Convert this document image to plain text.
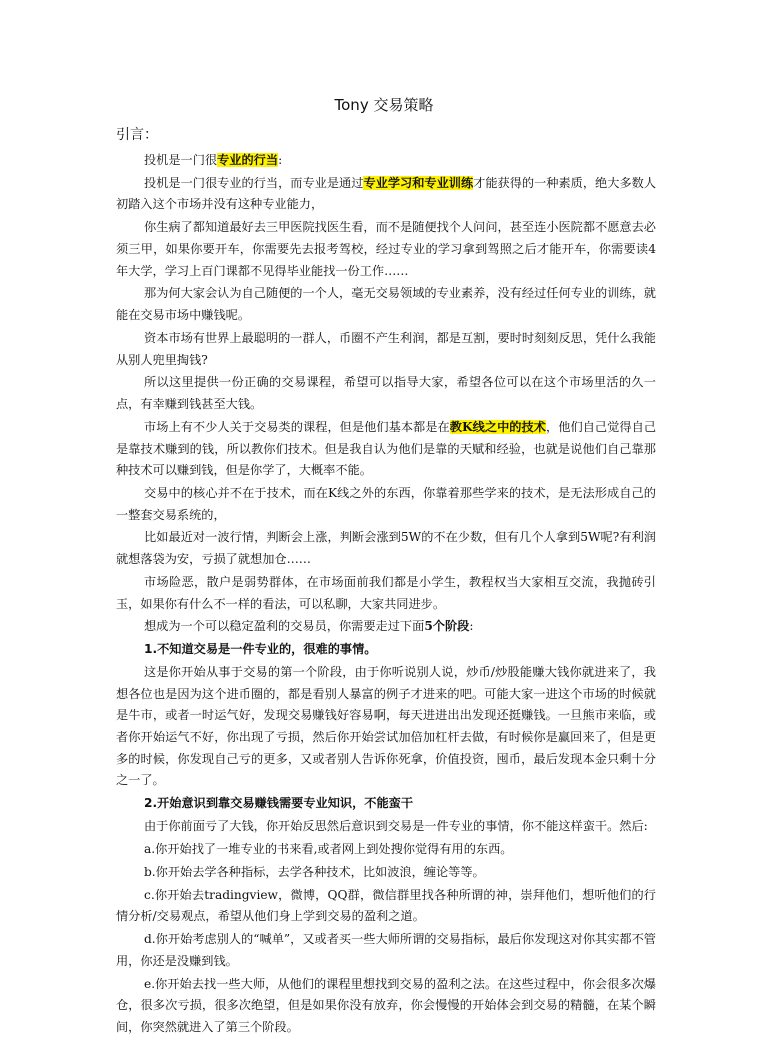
Tony 交易策略
引言：

投机是一门很专业的行当:

投机是一门很专业的行当，而专业是通过专业学习和专业训练才能获得的一种素质，绝大多数人初踏入这个市场并没有这种专业能力，

你生病了都知道最好去三甲医院找医生看，而不是随便找个人问问，甚至连小医院都不愿意去必须三甲，如果你要开车，你需要先去报考驾校，经过专业的学习拿到驾照之后才能开车，你需要读4年大学，学习上百门课都不见得毕业能找一份工作……

那为何大家会认为自己随便的一个人，毫无交易领域的专业素养，没有经过任何专业的训练，就能在交易市场中赚钱呢。

资本市场有世界上最聪明的一群人，币圈不产生利润，都是互割，要时时刻刻反思，凭什么我能从别人兜里掏钱?

所以这里提供一份正确的交易课程，希望可以指导大家，希望各位可以在这个市场里活的久一点，有幸赚到钱甚至大钱。

市场上有不少人关于交易类的课程，但是他们基本都是在教K线之中的技术，他们自己觉得自己是靠技术赚到的钱，所以教你们技术。但是我自认为他们是靠的天赋和经验，也就是说他们自己靠那种技术可以赚到钱，但是你学了，大概率不能。

交易中的核心并不在于技术，而在K线之外的东西，你靠着那些学来的技术，是无法形成自己的一整套交易系统的，

比如最近对一波行情，判断会上涨，判断会涨到5W的不在少数，但有几个人拿到5W呢?有利润就想落袋为安，亏损了就想加仓……

市场险恶，散户是弱势群体，在市场面前我们都是小学生，教程权当大家相互交流，我抛砖引玉，如果你有什么不一样的看法，可以私聊，大家共同进步。

想成为一个可以稳定盈利的交易员，你需要走过下面5个阶段:

1.不知道交易是一件专业的，很难的事情。

这是你开始从事于交易的第一个阶段，由于你听说别人说，炒币/炒股能赚大钱你就进来了，我想各位也是因为这个进币圈的，都是看别人暴富的例子才进来的吧。可能大家一进这个市场的时候就是牛市，或者一时运气好，发现交易赚钱好容易啊，每天进进出出发现还挺赚钱。一旦熊市来临，或者你开始运气不好，你出现了亏损，然后你开始尝试加倍加杠杆去做，有时候你是赢回来了，但是更多的时候，你发现自己亏的更多，又或者别人告诉你死拿，价值投资，囤币，最后发现本金只剩十分之一了。

2.开始意识到靠交易赚钱需要专业知识，不能蛮干

由于你前面亏了大钱，你开始反思然后意识到交易是一件专业的事情，你不能这样蛮干。然后:

a.你开始找了一堆专业的书来看,或者网上到处搜你觉得有用的东西。

b.你开始去学各种指标，去学各种技术，比如波浪，缠论等等。

c.你开始去tradingview，微博，QQ群，微信群里找各种所谓的神，崇拜他们，想听他们的行情分析/交易观点，希望从他们身上学到交易的盈利之道。

d.你开始考虑别人的“喊单”，又或者买一些大师所谓的交易指标，最后你发现这对你其实都不管用，你还是没赚到钱。

e.你开始去找一些大师，从他们的课程里想找到交易的盈利之法。在这些过程中，你会很多次爆仓，很多次亏损，很多次绝望，但是如果你没有放弃，你会慢慢的开始体会到交易的精髓，在某个瞬间，你突然就进入了第三个阶段。
